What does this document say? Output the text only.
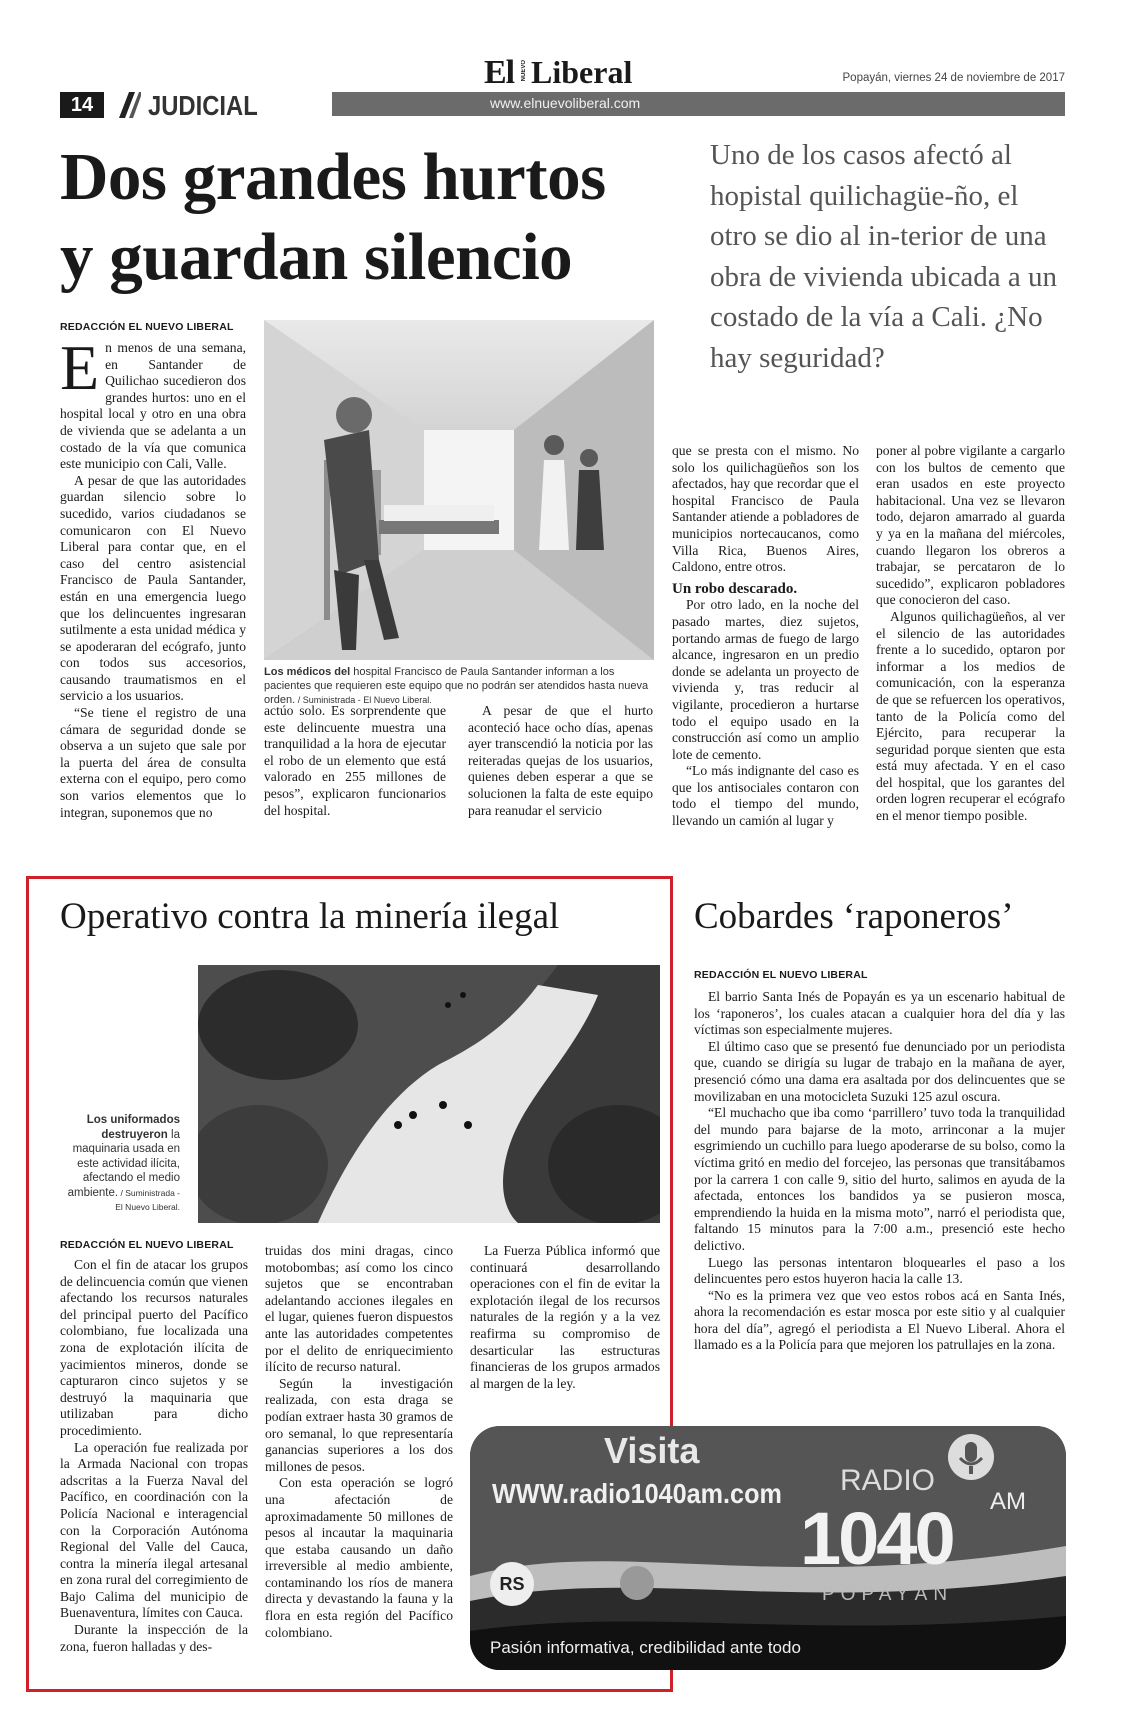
El NUEVO Liberal	Popayán, viernes 24 de noviembre de 2017
14	JUDICIAL	www.elnuevoliberal.com
Dos grandes hurtos
y guardan silencio
Uno de los casos afectó al hopistal quilichagüe-ño, el otro se dio al in-terior de una obra de vivienda ubicada a un costado de la vía a Cali. ¿No hay seguridad?
REDACCIÓN EL NUEVO LIBERAL

En menos de una semana, en Santander de Quilichao sucedieron dos grandes hurtos: uno en el hospital local y otro en una obra de vivienda que se adelanta a un costado de la vía que comunica este municipio con Cali, Valle.

A pesar de que las autoridades guardan silencio sobre lo sucedido, varios ciudadanos se comunicaron con El Nuevo Liberal para contar que, en el caso del centro asistencial Francisco de Paula Santander, están en una emergencia luego que los delincuentes ingresaran sutilmente a esta unidad médica y se apoderaran del ecógrafo, junto con todos sus accesorios, causando traumatismos en el servicio a los usuarios.

“Se tiene el registro de una cámara de seguridad donde se observa a un sujeto que sale por la puerta del área de consulta externa con el equipo, pero como son varios elementos que lo integran, suponemos que no

Los médicos del hospital Francisco de Paula Santander informan a los pacientes que requieren este equipo que no podrán ser atendidos hasta nueva orden. / Suministrada - El Nuevo Liberal.

actúo solo. Es sorprendente que este delincuente muestra una tranquilidad a la hora de ejecutar el robo de un elemento que está valorado en 255 millones de pesos”, explicaron funcionarios del hospital.

A pesar de que el hurto aconteció hace ocho días, apenas ayer transcendió la noticia por las reiteradas quejas de los usuarios, quienes deben esperar a que se solucionen la falta de este equipo para reanudar el servicio

que se presta con el mismo. No solo los quilichagüeños son los afectados, hay que recordar que el hospital Francisco de Paula Santander atiende a pobladores de municipios nortecaucanos, como Villa Rica, Buenos Aires, Caldono, entre otros.

Un robo descarado.

Por otro lado, en la noche del pasado martes, diez sujetos, portando armas de fuego de largo alcance, ingresaron en un predio donde se adelanta un proyecto de vivienda y, tras reducir al vigilante, procedieron a hurtarse todo el equipo usado en la construcción así como un amplio lote de cemento.

“Lo más indignante del caso es que los antisociales contaron con todo el tiempo del mundo, llevando un camión al lugar y

poner al pobre vigilante a cargarlo con los bultos de cemento que eran usados en este proyecto habitacional. Una vez se llevaron todo, dejaron amarrado al guarda y ya en la mañana del miércoles, cuando llegaron los obreros a trabajar, se percataron de lo sucedido”, explicaron pobladores que conocieron del caso.

Algunos quilichagüeños, al ver el silencio de las autoridades frente a lo sucedido, optaron por informar a los medios de comunicación, con la esperanza de que se refuercen los operativos, tanto de la Policía como del Ejército, para recuperar la seguridad porque sienten que esta está muy afectada. Y en el caso del hospital, que los garantes del orden logren recuperar el ecógrafo en el menor tiempo posible.

Operativo contra la minería ilegal
Los uniformados destruyeron la maquinaria usada en este actividad ilícita, afectando el medio ambiente. / Suministrada - El Nuevo Liberal.
REDACCIÓN EL NUEVO LIBERAL

Con el fin de atacar los grupos de delincuencia común que vienen afectando los recursos naturales del principal puerto del Pacífico colombiano, fue localizada una zona de explotación ilícita de yacimientos mineros, donde se capturaron cinco sujetos y se destruyó la maquinaria que utilizaban para dicho procedimiento.

La operación fue realizada por la Armada Nacional con tropas adscritas a la Fuerza Naval del Pacífico, en coordinación con la Policía Nacional e interagencial con la Corporación Autónoma Regional del Valle del Cauca, contra la minería ilegal artesanal en zona rural del corregimiento de Bajo Calima del municipio de Buenaventura, límites con Cauca.

Durante la inspección de la zona, fueron halladas y des-

truidas dos mini dragas, cinco motobombas; así como los cinco sujetos que se encontraban adelantando acciones ilegales en el lugar, quienes fueron dispuestos ante las autoridades competentes por el delito de enriquecimiento ilícito de recurso natural.

Según la investigación realizada, con esta draga se podían extraer hasta 30 gramos de oro semanal, lo que representaría ganancias superiores a los dos millones de pesos.

Con esta operación se logró una afectación de aproximadamente 50 millones de pesos al incautar la maquinaria que estaba causando un daño irreversible al medio ambiente, contaminando los ríos de manera directa y devastando la fauna y la flora en esta región del Pacífico colombiano.

La Fuerza Pública informó que continuará desarrollando operaciones con el fin de evitar la explotación ilegal de los recursos naturales de la región y a la vez reafirma su compromiso de desarticular las estructuras financieras de los grupos armados al margen de la ley.

Cobardes ‘raponeros’
REDACCIÓN EL NUEVO LIBERAL

El barrio Santa Inés de Popayán es ya un escenario habitual de los ‘raponeros’, los cuales atacan a cualquier hora del día y las víctimas son especialmente mujeres.

El último caso que se presentó fue denunciado por un periodista que, cuando se dirigía su lugar de trabajo en la mañana de ayer, presenció cómo una dama era asaltada por dos delincuentes que se movilizaban en una motocicleta Suzuki 125 azul oscura.

“El muchacho que iba como ‘parrillero’ tuvo toda la tranquilidad del mundo para bajarse de la moto, arrinconar a la mujer esgrimiendo un cuchillo para luego apoderarse de su bolso, como la víctima gritó en medio del forcejeo, las personas que transitábamos por la carrera 1 con calle 9, sitio del hurto, salimos en ayuda de la afectada, entonces los bandidos ya se pusieron mosca, emprendiendo la huida en la misma moto”, narró el periodista que, faltando 15 minutos para la 7:00 a.m., presenció este hecho delictivo.

Luego las personas intentaron bloquearles el paso a los delincuentes pero estos huyeron hacia la calle 13.

“No es la primera vez que veo estos robos acá en Santa Inés, ahora la recomendación es estar mosca por este sitio y al cualquier hora del día”, agregó el periodista a El Nuevo Liberal. Ahora el llamado es a la Policía para que mejoren los patrullajes en la zona.

Visita
WWW.radio1040am.com RADIO
1040 AM
POPAYÁN
RS
Pasión informativa, credibilidad ante todo
